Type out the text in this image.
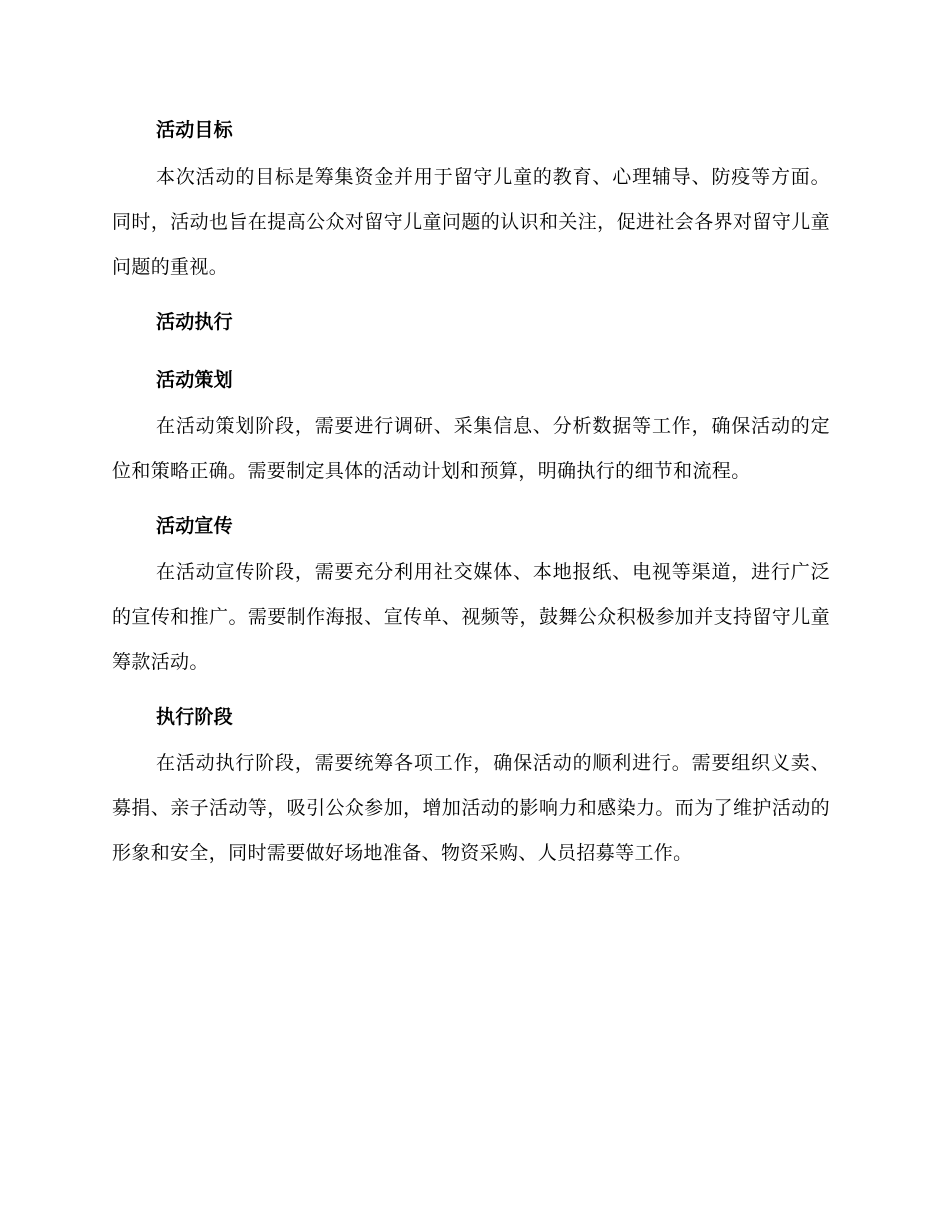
活动目标

本次活动的目标是筹集资金并用于留守儿童的教育、心理辅导、防疫等方面。同时，活动也旨在提高公众对留守儿童问题的认识和关注，促进社会各界对留守儿童问题的重视。

活动执行
活动策划

在活动策划阶段，需要进行调研、采集信息、分析数据等工作，确保活动的定位和策略正确。需要制定具体的活动计划和预算，明确执行的细节和流程。

活动宣传

在活动宣传阶段，需要充分利用社交媒体、本地报纸、电视等渠道，进行广泛的宣传和推广。需要制作海报、宣传单、视频等，鼓舞公众积极参加并支持留守儿童筹款活动。

执行阶段

在活动执行阶段，需要统筹各项工作，确保活动的顺利进行。需要组织义卖、募捐、亲子活动等，吸引公众参加，增加活动的影响力和感染力。而为了维护活动的形象和安全，同时需要做好场地准备、物资采购、人员招募等工作。
